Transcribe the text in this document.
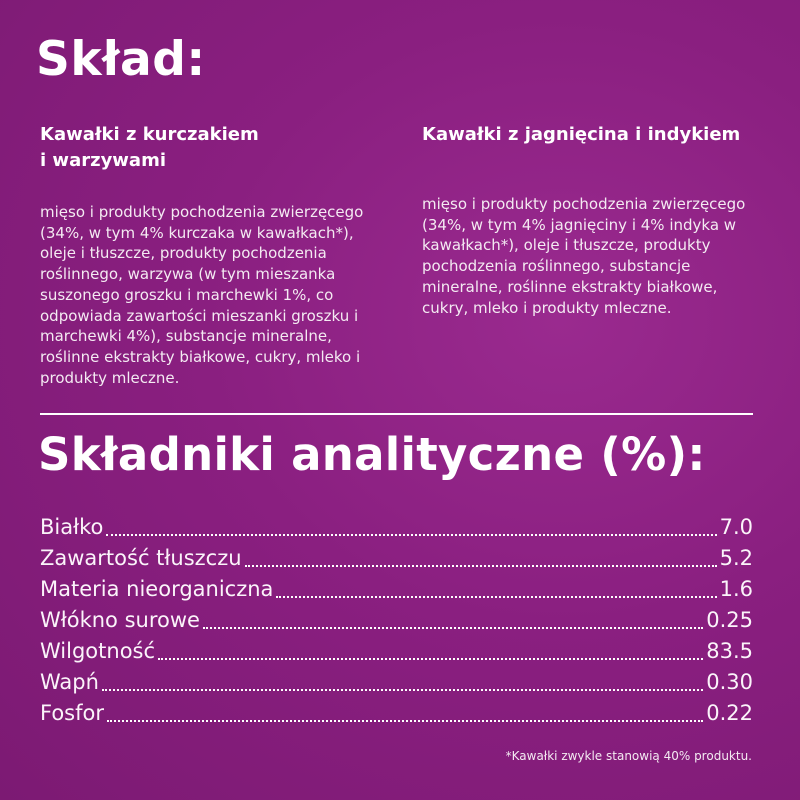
Skład:
Kawałki z kurczakiem
i warzywami
mięso i produkty pochodzenia zwierzęcego
(34%, w tym 4% kurczaka w kawałkach*),
oleje i tłuszcze, produkty pochodzenia
roślinnego, warzywa (w tym mieszanka
suszonego groszku i marchewki 1%, co
odpowiada zawartości mieszanki groszku i
marchewki 4%), substancje mineralne,
roślinne ekstrakty białkowe, cukry, mleko i
produkty mleczne.
Kawałki z jagnięcina i indykiem
mięso i produkty pochodzenia zwierzęcego
(34%, w tym 4% jagnięciny i 4% indyka w
kawałkach*), oleje i tłuszcze, produkty
pochodzenia roślinnego, substancje
mineralne, roślinne ekstrakty białkowe,
cukry, mleko i produkty mleczne.
Składniki analityczne (%):
Białko	7.0
Zawartość tłuszczu	5.2
Materia nieorganiczna	1.6
Włókno surowe	0.25
Wilgotność	83.5
Wapń	0.30
Fosfor	0.22
*Kawałki zwykle stanowią 40% produktu.
